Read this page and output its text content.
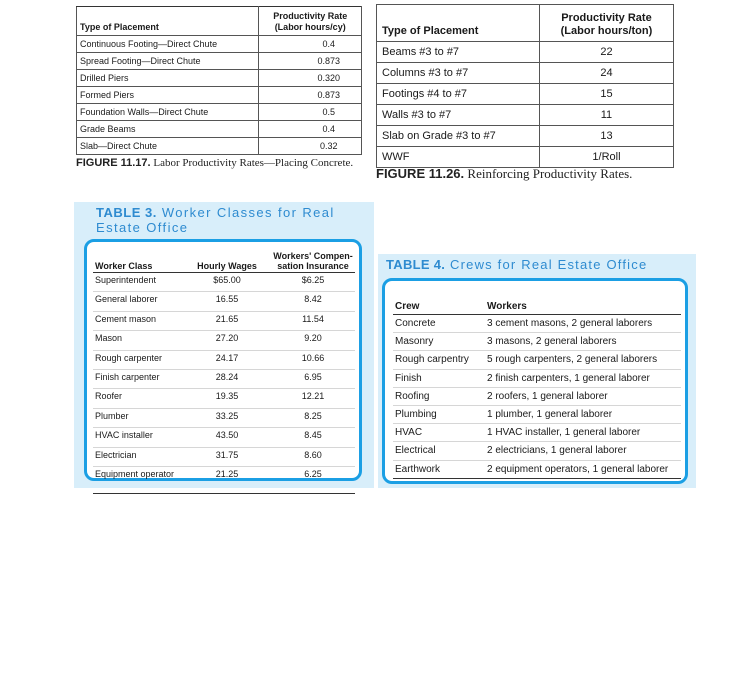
Type of Placement	Productivity Rate
(Labor hours/cy)
Continuous Footing—Direct Chute	0.4
Spread Footing—Direct Chute	0.873
Drilled Piers	0.320
Formed Piers	0.873
Foundation Walls—Direct Chute	0.5
Grade Beams	0.4
Slab—Direct Chute	0.32
FIGURE 11.17. Labor Productivity Rates—Placing Concrete.
Type of Placement	Productivity Rate
(Labor hours/ton)
Beams #3 to #7	22
Columns #3 to #7	24
Footings #4 to #7	15
Walls #3 to #7	11
Slab on Grade #3 to #7	13
WWF	1/Roll
FIGURE 11.26. Reinforcing Productivity Rates.
TABLE 3. Worker Classes for Real Estate Office
Worker Class	Hourly Wages	Workers' Compen-
sation Insurance
Superintendent	$65.00	$6.25
General laborer	16.55	8.42
Cement mason	21.65	11.54
Mason	27.20	9.20
Rough carpenter	24.17	10.66
Finish carpenter	28.24	6.95
Roofer	19.35	12.21
Plumber	33.25	8.25
HVAC installer	43.50	8.45
Electrician	31.75	8.60
Equipment operator	21.25	6.25
TABLE 4. Crews for Real Estate Office
Crew	Workers
Concrete	3 cement masons, 2 general laborers
Masonry	3 masons, 2 general laborers
Rough carpentry	5 rough carpenters, 2 general laborers
Finish	2 finish carpenters, 1 general laborer
Roofing	2 roofers, 1 general laborer
Plumbing	1 plumber, 1 general laborer
HVAC	1 HVAC installer, 1 general laborer
Electrical	2 electricians, 1 general laborer
Earthwork	2 equipment operators, 1 general laborer
